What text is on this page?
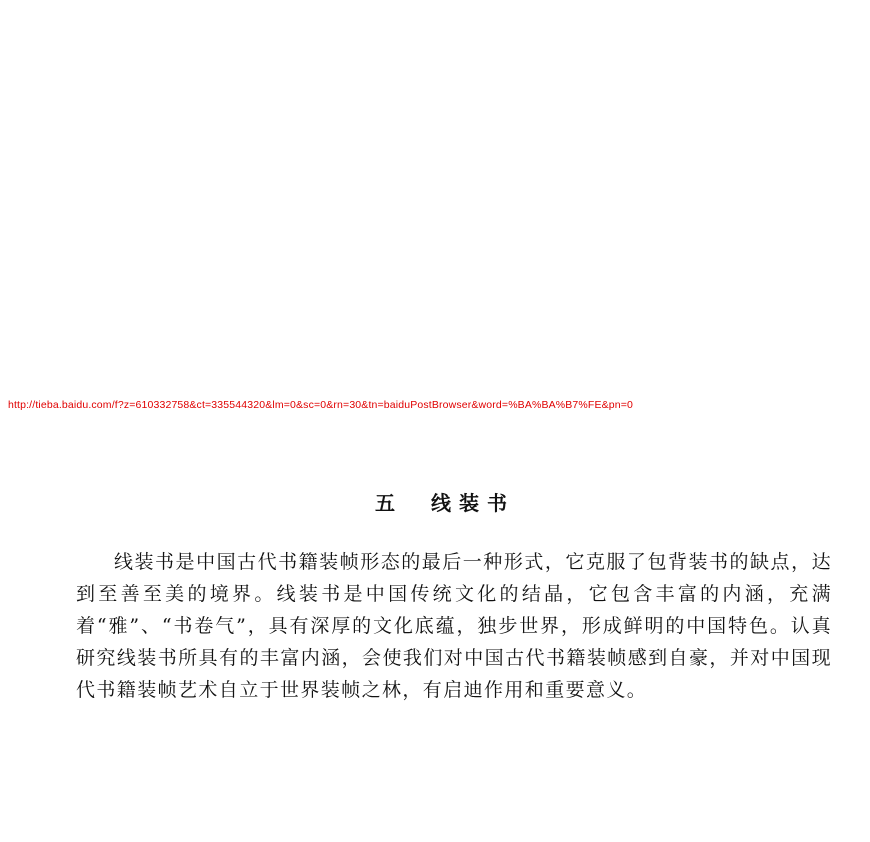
http://tieba.baidu.com/f?z=610332758&ct=335544320&lm=0&sc=0&rn=30&tn=baiduPostBrowser&word=%BA%BA%B7%FE&pn=0
五 线装书

线装书是中国古代书籍装帧形态的最后一种形式，它克服了包背装书的缺点，达到至善至美的境界。线装书是中国传统文化的结晶，它包含丰富的内涵，充满着“雅”、“书卷气”，具有深厚的文化底蕴，独步世界，形成鲜明的中国特色。认真研究线装书所具有的丰富内涵，会使我们对中国古代书籍装帧感到自豪，并对中国现代书籍装帧艺术自立于世界装帧之林，有启迪作用和重要意义。
